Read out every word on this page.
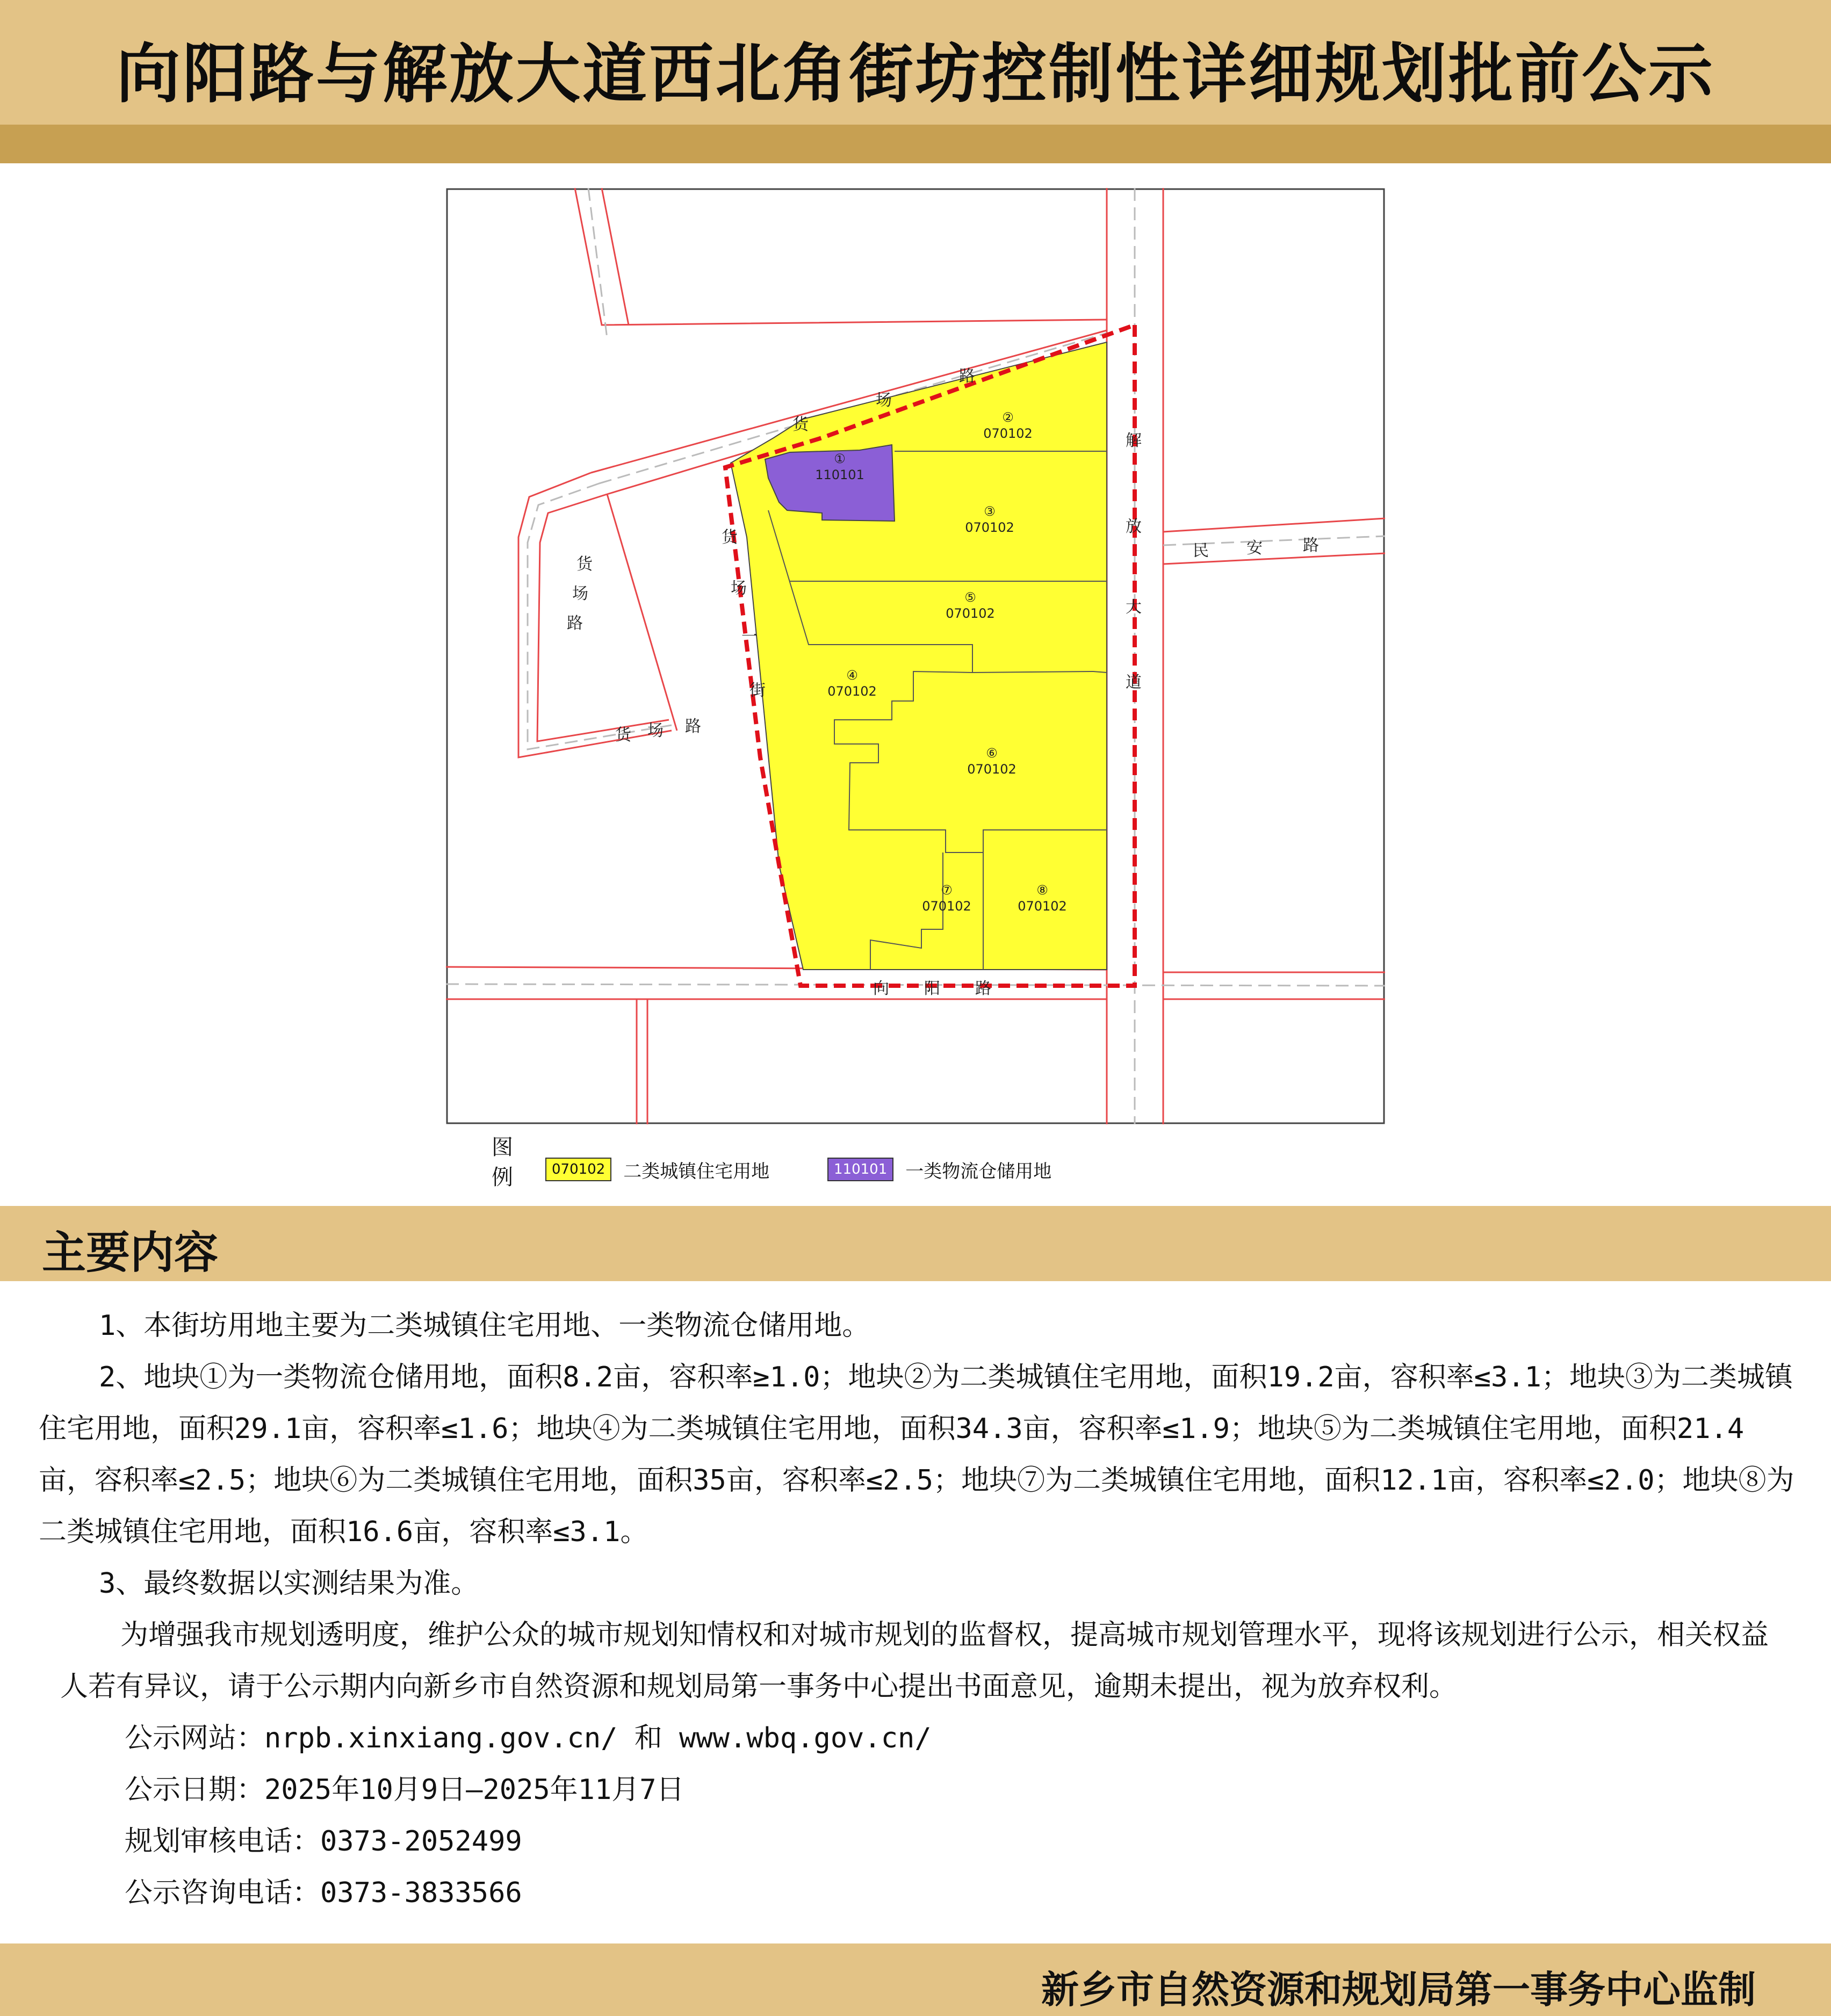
向阳路与解放大道西北角街坊控制性详细规划批前公示
①
110101
②
070102
③
070102
④
070102
⑤
070102
⑥
070102
⑦
070102
⑧
070102
货
场
路
货
场
路
货 场 路
货
场
一
街
解
放
大
道
民 安	路
向 阳 路
图
例	070102	二类城镇住宅用地	110101	一类物流仓储用地
主要内容

1、本街坊用地主要为二类城镇住宅用地、一类物流仓储用地。

2、地块①为一类物流仓储用地，面积8.2亩，容积率≥1.0；地块②为二类城镇住宅用地，面积19.2亩，容积率≤3.1；地块③为二类城镇住宅用地，面积29.1亩，容积率≤1.6；地块④为二类城镇住宅用地，面积34.3亩，容积率≤1.9；地块⑤为二类城镇住宅用地，面积21.4亩，容积率≤2.5；地块⑥为二类城镇住宅用地，面积35亩，容积率≤2.5；地块⑦为二类城镇住宅用地，面积12.1亩，容积率≤2.0；地块⑧为二类城镇住宅用地，面积16.6亩，容积率≤3.1。

3、最终数据以实测结果为准。

为增强我市规划透明度，维护公众的城市规划知情权和对城市规划的监督权，提高城市规划管理水平，现将该规划进行公示，相关权益人若有异议，请于公示期内向新乡市自然资源和规划局第一事务中心提出书面意见，逾期未提出，视为放弃权利。

公示网站：nrpb.xinxiang.gov.cn/ 和 www.wbq.gov.cn/

公示日期：2025年10月9日—2025年11月7日

规划审核电话：0373-2052499

公示咨询电话：0373-3833566

新乡市自然资源和规划局第一事务中心监制
